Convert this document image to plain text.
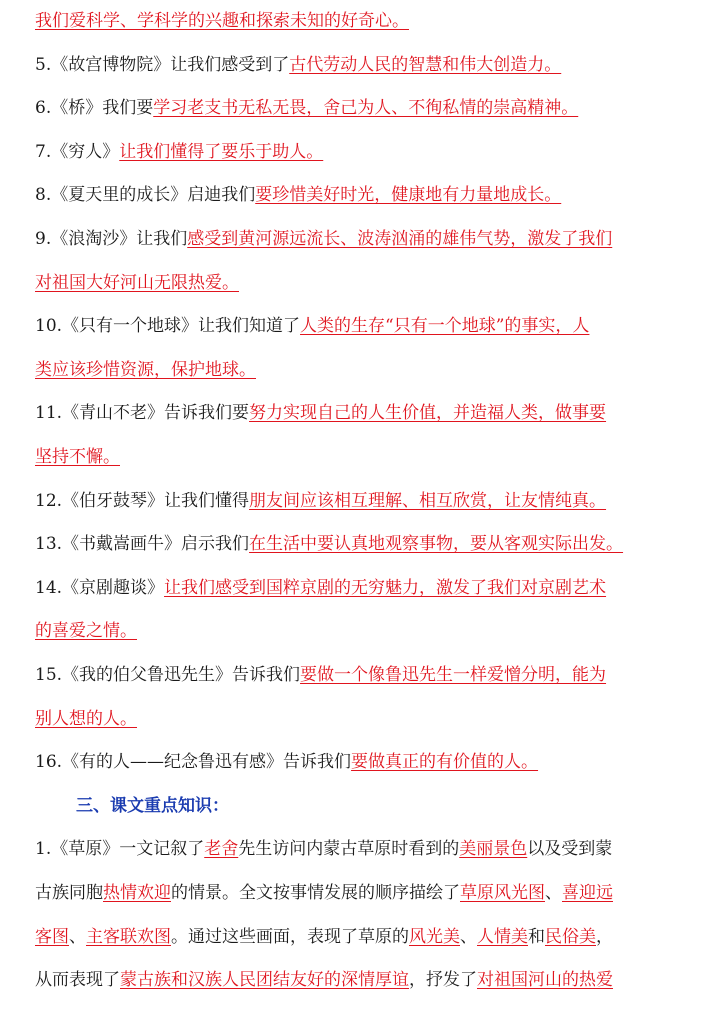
我们爱科学、学科学的兴趣和探索未知的好奇心。
5.《故宫博物院》让我们感受到了古代劳动人民的智慧和伟大创造力。
6.《桥》我们要学习老支书无私无畏，舍己为人、不徇私情的崇高精神。
7.《穷人》让我们懂得了要乐于助人。
8.《夏天里的成长》启迪我们要珍惜美好时光，健康地有力量地成长。
9.《浪淘沙》让我们感受到黄河源远流长、波涛汹涌的雄伟气势，激发了我们
对祖国大好河山无限热爱。
10.《只有一个地球》让我们知道了人类的生存“只有一个地球”的事实，人
类应该珍惜资源，保护地球。
11.《青山不老》告诉我们要努力实现自己的人生价值，并造福人类，做事要
坚持不懈。
12.《伯牙鼓琴》让我们懂得朋友间应该相互理解、相互欣赏，让友情纯真。
13.《书戴嵩画牛》启示我们在生活中要认真地观察事物，要从客观实际出发。
14.《京剧趣谈》让我们感受到国粹京剧的无穷魅力，激发了我们对京剧艺术
的喜爱之情。
15.《我的伯父鲁迅先生》告诉我们要做一个像鲁迅先生一样爱憎分明，能为
别人想的人。
16.《有的人——纪念鲁迅有感》告诉我们要做真正的有价值的人。
三、课文重点知识：
1.《草原》一文记叙了老舍先生访问内蒙古草原时看到的美丽景色以及受到蒙
古族同胞热情欢迎的情景。全文按事情发展的顺序描绘了草原风光图、喜迎远
客图、主客联欢图。通过这些画面，表现了草原的风光美、人情美和民俗美，
从而表现了蒙古族和汉族人民团结友好的深情厚谊，抒发了对祖国河山的热爱
